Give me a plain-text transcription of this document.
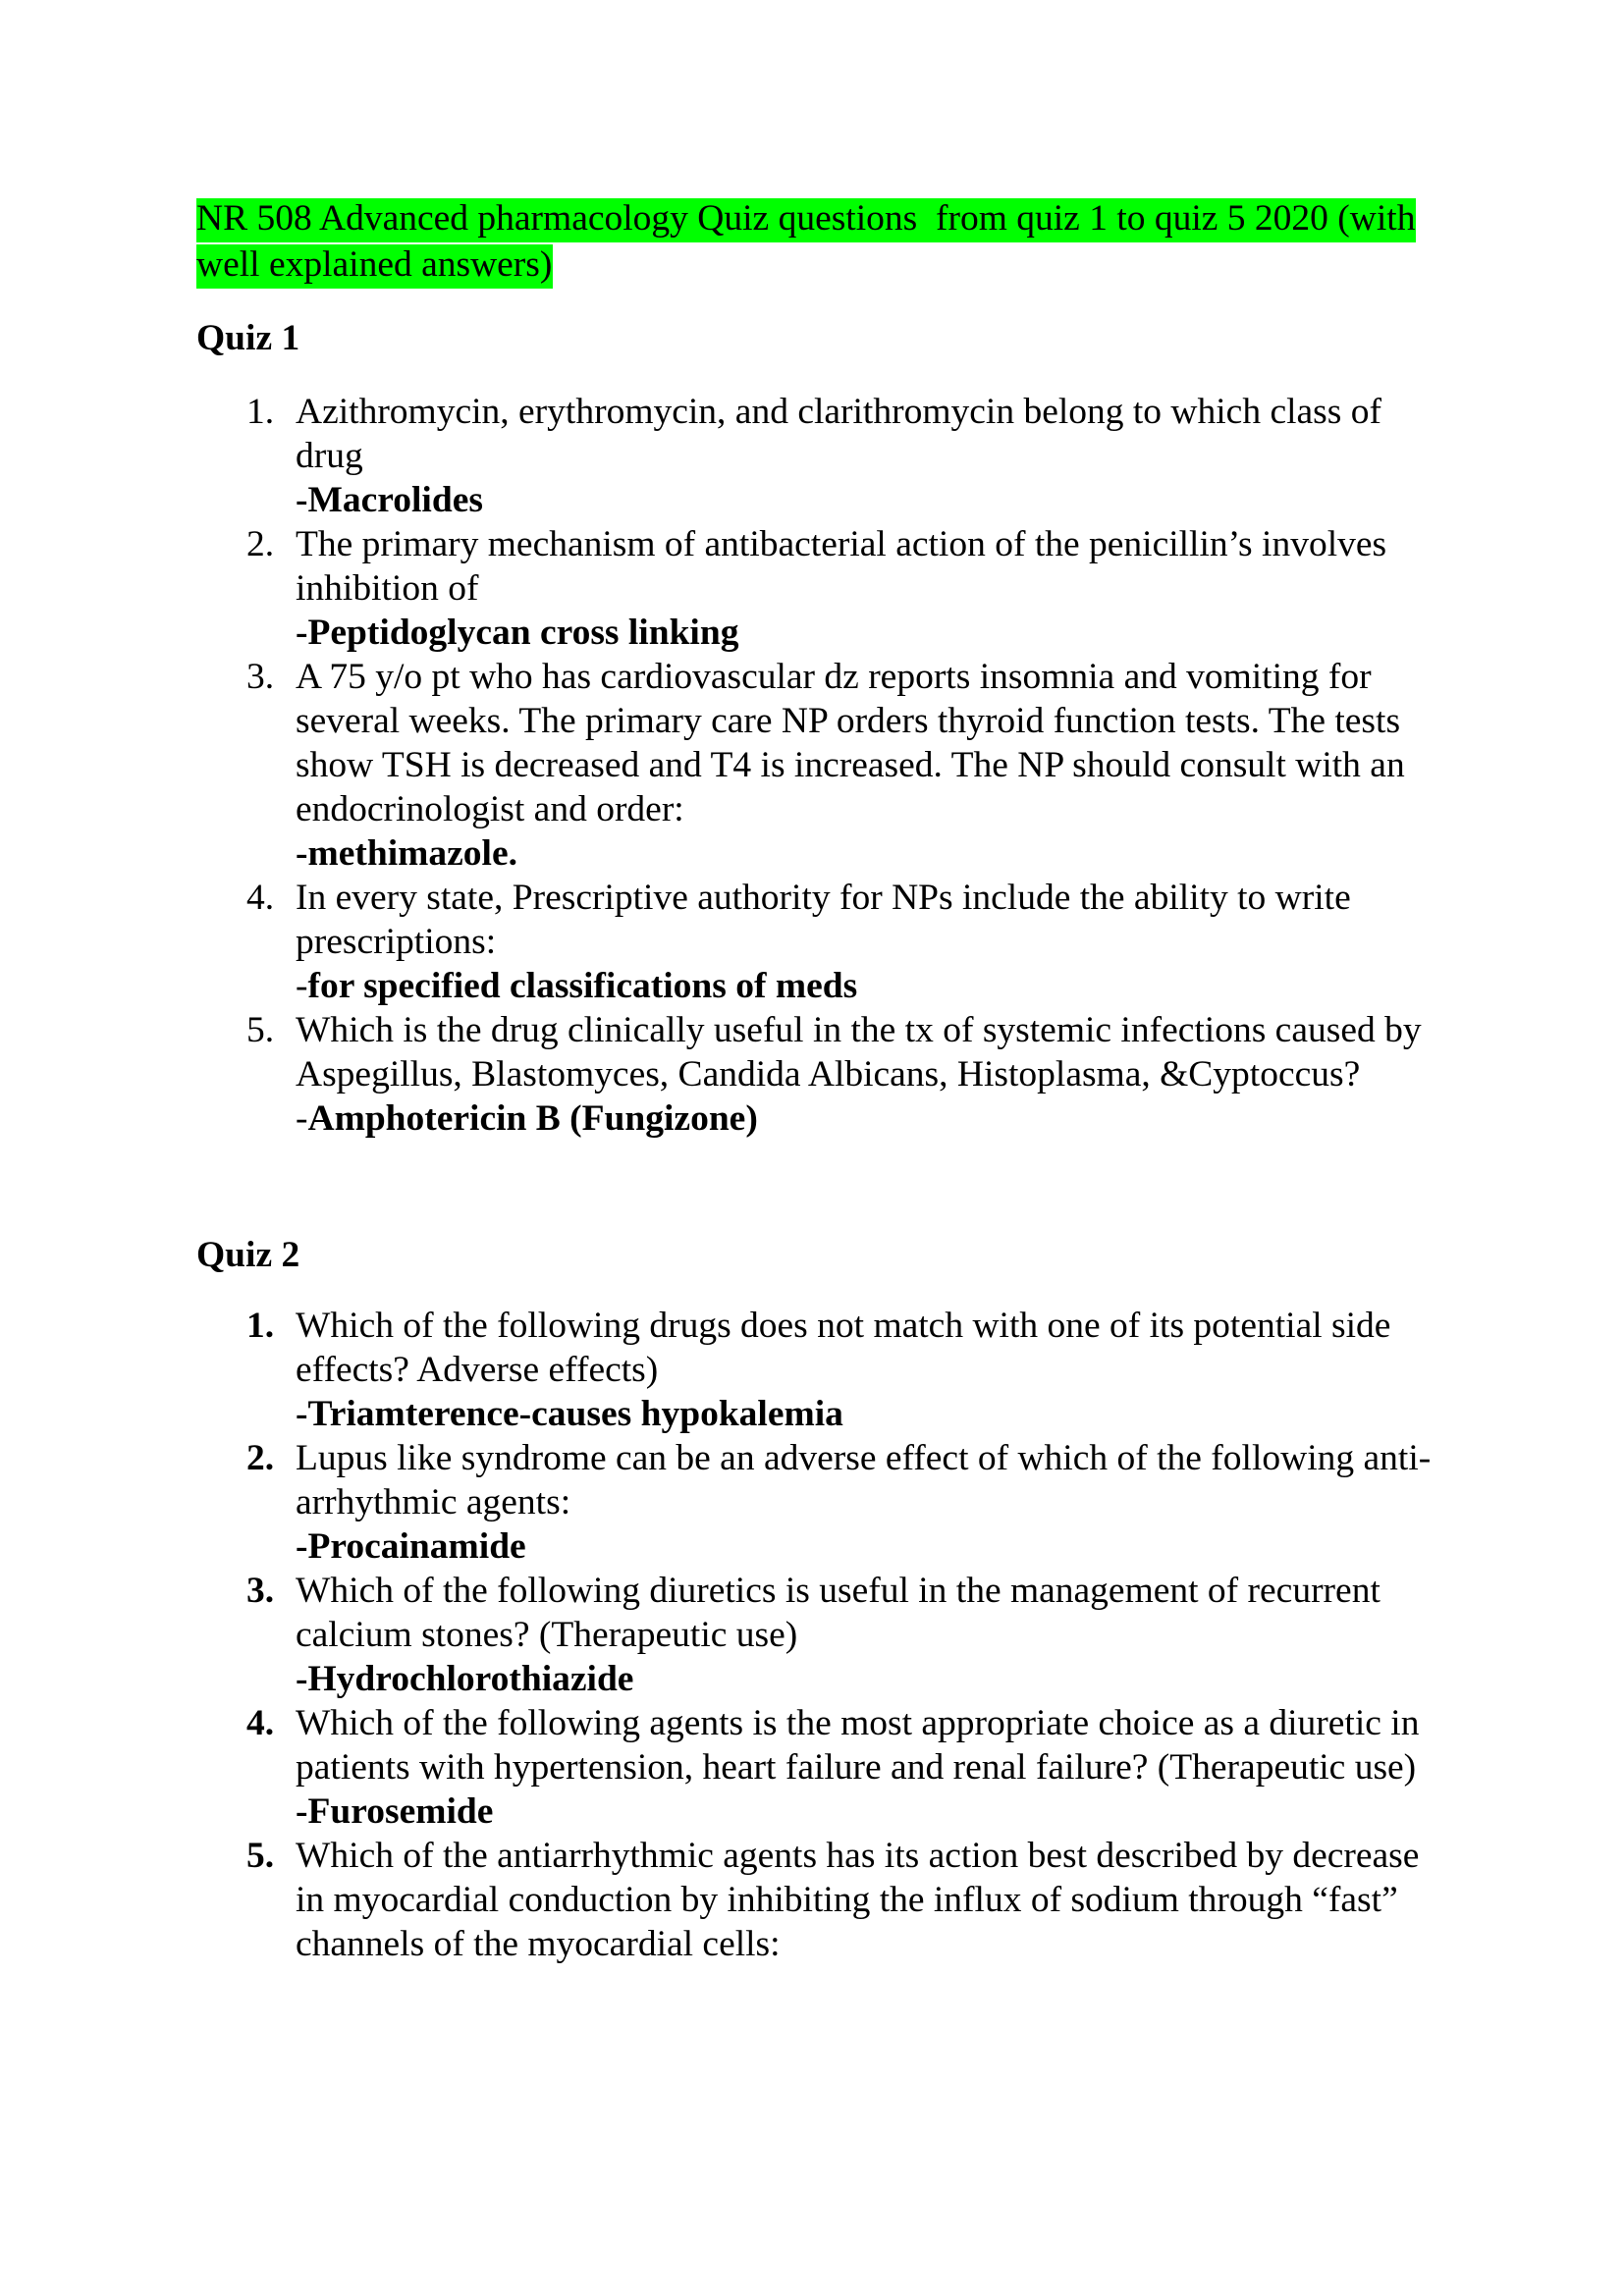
NR 508 Advanced pharmacology Quiz questions  from quiz 1 to quiz 5 2020 (with
well explained answers)
Quiz 1
1. Azithromycin, erythromycin, and clarithromycin belong to which class of
drug
-Macrolides
2. The primary mechanism of antibacterial action of the penicillin’s involves
inhibition of
-Peptidoglycan cross linking
3. A 75 y/o pt who has cardiovascular dz reports insomnia and vomiting for
several weeks. The primary care NP orders thyroid function tests. The tests
show TSH is decreased and T4 is increased. The NP should consult with an
endocrinologist and order:
-methimazole.
4. In every state, Prescriptive authority for NPs include the ability to write
prescriptions:
-for specified classifications of meds
5. Which is the drug clinically useful in the tx of systemic infections caused by
Aspegillus, Blastomyces, Candida Albicans, Histoplasma, &Cyptoccus?
-Amphotericin B (Fungizone)
Quiz 2
1. Which of the following drugs does not match with one of its potential side
effects? Adverse effects)
-Triamterence-causes hypokalemia
2. Lupus like syndrome can be an adverse effect of which of the following anti-
arrhythmic agents:
-Procainamide
3. Which of the following diuretics is useful in the management of recurrent
calcium stones? (Therapeutic use)
-Hydrochlorothiazide
4. Which of the following agents is the most appropriate choice as a diuretic in
patients with hypertension, heart failure and renal failure? (Therapeutic use)
-Furosemide
5. Which of the antiarrhythmic agents has its action best described by decrease
in myocardial conduction by inhibiting the influx of sodium through “fast”
channels of the myocardial cells:
